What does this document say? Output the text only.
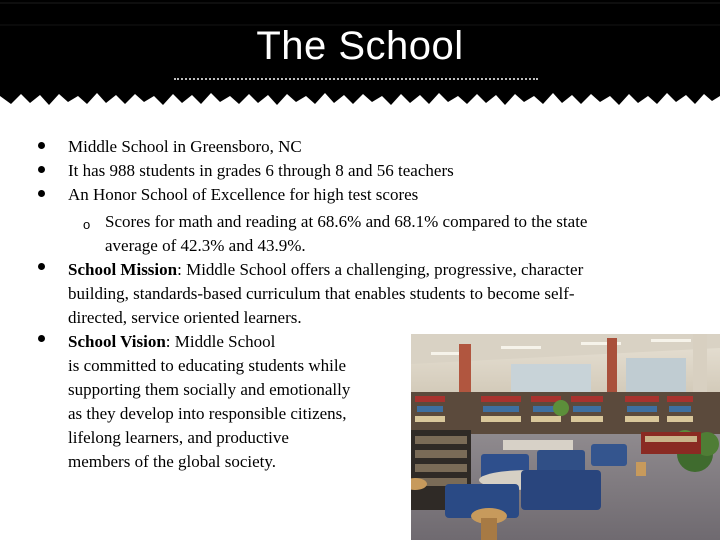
The School
Middle School in Greensboro, NC
It has 988 students in grades 6 through 8 and 56 teachers
An Honor School of Excellence for high test scores
o Scores for math and reading at 68.6% and 68.1% compared to the state
average of 42.3% and 43.9%.
School Mission: Middle School offers a challenging, progressive, character
building, standards-based curriculum that enables students to become self-
directed, service oriented learners.
School Vision: Middle School
is committed to educating students while
supporting them socially and emotionally
as they develop into responsible citizens,
lifelong learners, and productive
members of the global society.
